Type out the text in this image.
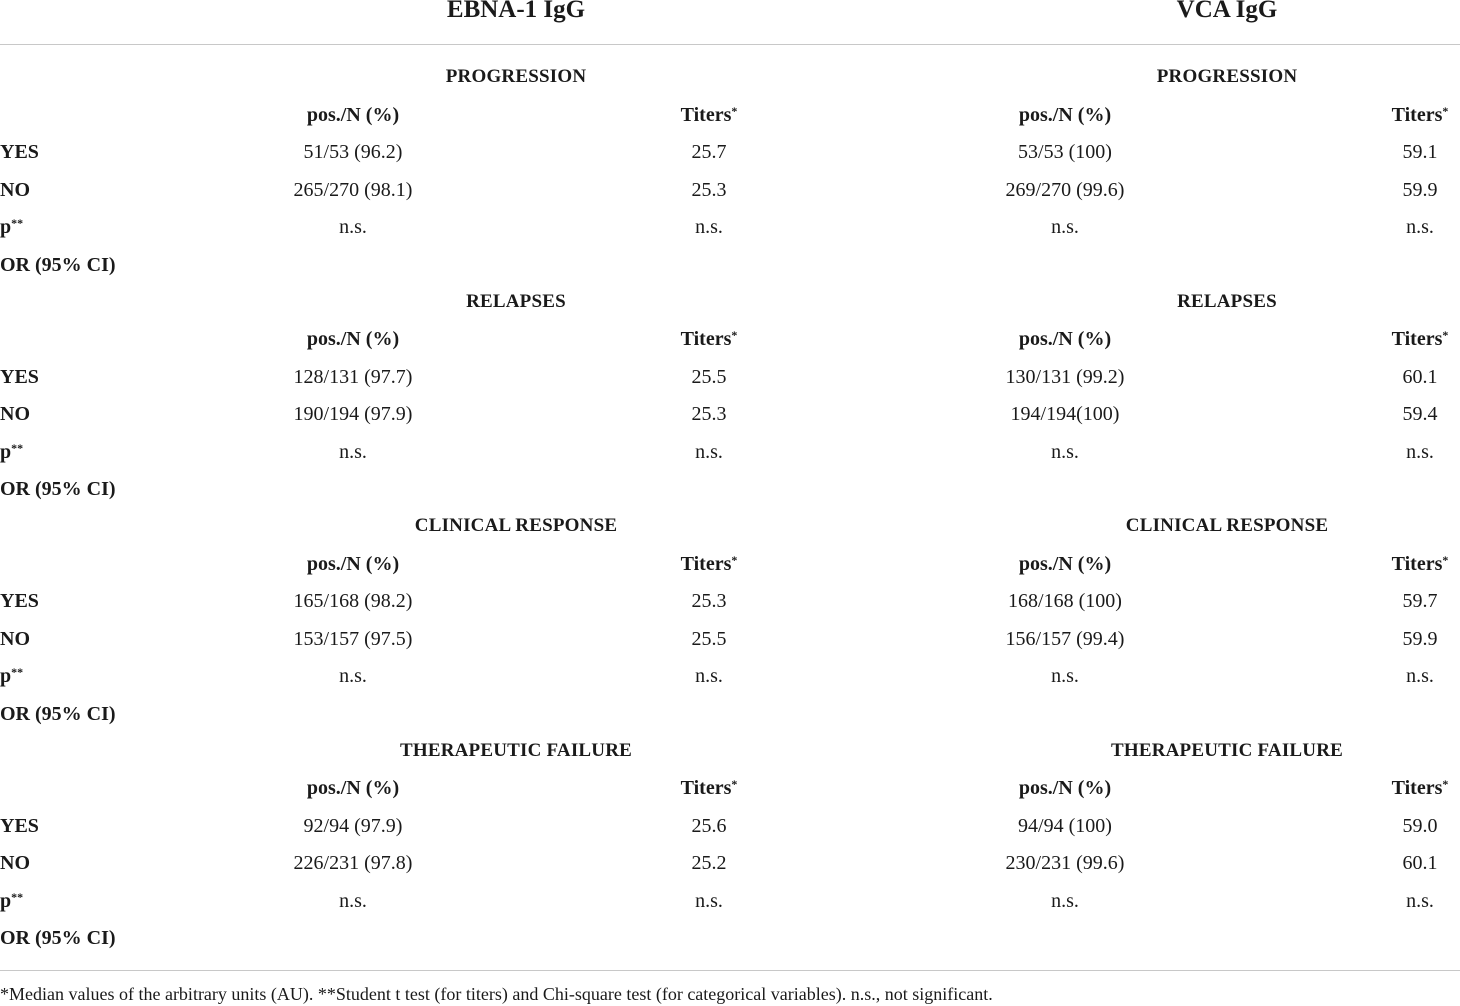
EBNA-1 IgG	VCA IgG
PROGRESSION	PROGRESSION
pos./N (%)	Titers*	pos./N (%)	Titers*
YES	51/53 (96.2)	25.7	53/53 (100)	59.1
NO	265/270 (98.1)	25.3	269/270 (99.6)	59.9
p**	n.s.	n.s.	n.s.	n.s.
OR (95% CI)
RELAPSES	RELAPSES
pos./N (%)	Titers*	pos./N (%)	Titers*
YES	128/131 (97.7)	25.5	130/131 (99.2)	60.1
NO	190/194 (97.9)	25.3	194/194(100)	59.4
p**	n.s.	n.s.	n.s.	n.s.
OR (95% CI)
CLINICAL RESPONSE	CLINICAL RESPONSE
pos./N (%)	Titers*	pos./N (%)	Titers*
YES	165/168 (98.2)	25.3	168/168 (100)	59.7
NO	153/157 (97.5)	25.5	156/157 (99.4)	59.9
p**	n.s.	n.s.	n.s.	n.s.
OR (95% CI)
THERAPEUTIC FAILURE	THERAPEUTIC FAILURE
pos./N (%)	Titers*	pos./N (%)	Titers*
YES	92/94 (97.9)	25.6	94/94 (100)	59.0
NO	226/231 (97.8)	25.2	230/231 (99.6)	60.1
p**	n.s.	n.s.	n.s.	n.s.
OR (95% CI)
*Median values of the arbitrary units (AU). **Student t test (for titers) and Chi-square test (for categorical variables). n.s., not significant.
